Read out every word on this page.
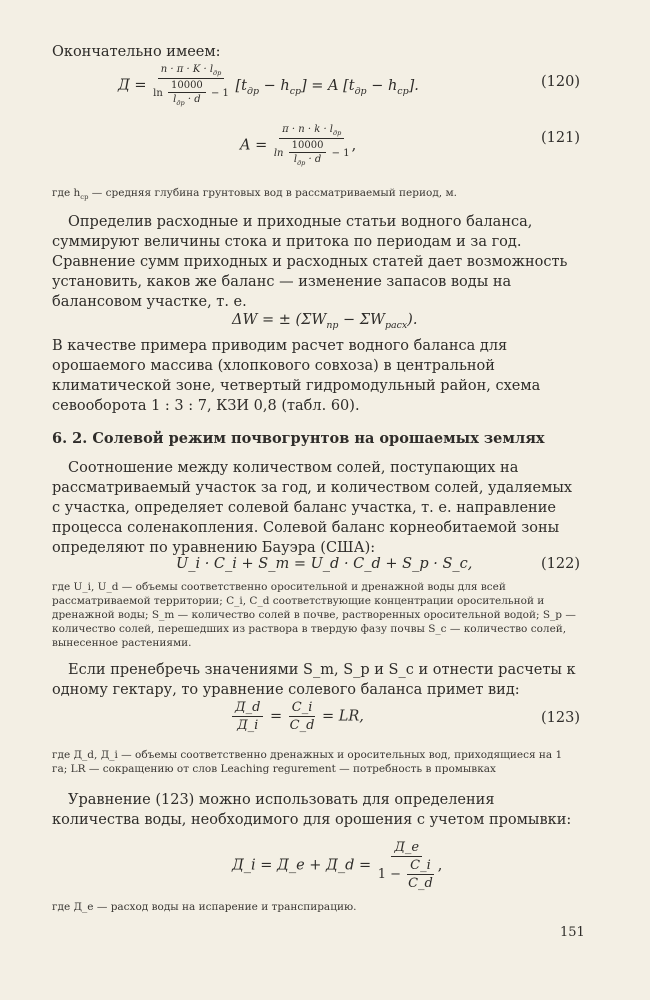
Окончательно имеем:
$Д = \frac{n \cdot \pi \cdot K \cdot l_{др}}{\ln \frac{10000}{l_{др} \cdot d} - 1} [t_{др} - h_{ср}] = A$ $[t_{др} - h_{ср}]$.	(120)
$A = \frac{\pi \cdot n \cdot k \cdot l_{др}}{\ln \frac{10000}{l_{др} \cdot d} - 1}$ ,	(121)
где $h_{ср}$ — средняя глубина грунтовых вод в рассматриваемый период, м.
Определив расходные и приходные статьи водного баланса, суммируют величины стока и притока по периодам и за год. Сравнение сумм приходных и расходных статей дает возможность установить, каков же баланс — изменение запасов воды на балансовом участке, т. е.
ΔW = ± $(\Sigma W_{пр} - \Sigma W_{расх})$.
В качестве примера приводим расчет водного баланса для орошаемого массива (хлопкового совхоза) в центральной климатической зоне, четвертый гидромодульный район, схема севооборота 1 : 3 : 7, КЗИ 0,8 (табл. 60).
6. 2. Солевой режим почвогрунтов на орошаемых землях
Соотношение между количеством солей, поступающих на рассматриваемый участок за год, и количеством солей, удаляемых с участка, определяет солевой баланс участка, т. е. направление процесса соленакопления. Солевой баланс корнеобитаемой зоны определяют по уравнению Бауэра (США):
U_i · C_i + S_m = U_d · C_d + S_p · S_c,	(122)
где U_i, U_d — объемы соответственно оросительной и дренажной воды для всей рассматриваемой территории; C_i, C_d соответствующие концентрации оросительной и дренажной воды; S_m — количество солей в почве, растворенных оросительной водой; S_p — количество солей, перешедших из раствора в твердую фазу почвы S_c — количество солей, вынесенное растениями.
Если пренебречь значениями S_m, S_p и S_c и отнести расчеты к одному гектару, то уравнение солевого баланса примет вид:
$\frac{Д\_d}{Д\_i} = \frac{C\_i}{C\_d}$ = LR,	(123)
где Д_d, Д_i — объемы соответственно дренажных и оросительных вод, приходящиеся на 1 га; LR — сокращению от слов Leaching regurement — потребность в промывках
Уравнение (123) можно использовать для определения количества воды, необходимого для орошения с учетом промывки:
Д_i = Д_e + Д_d = $\frac{Д\_e}{1 - \frac{C\_i}{C\_d}}$ ,
где Д_e — расход воды на испарение и транспирацию.
151
